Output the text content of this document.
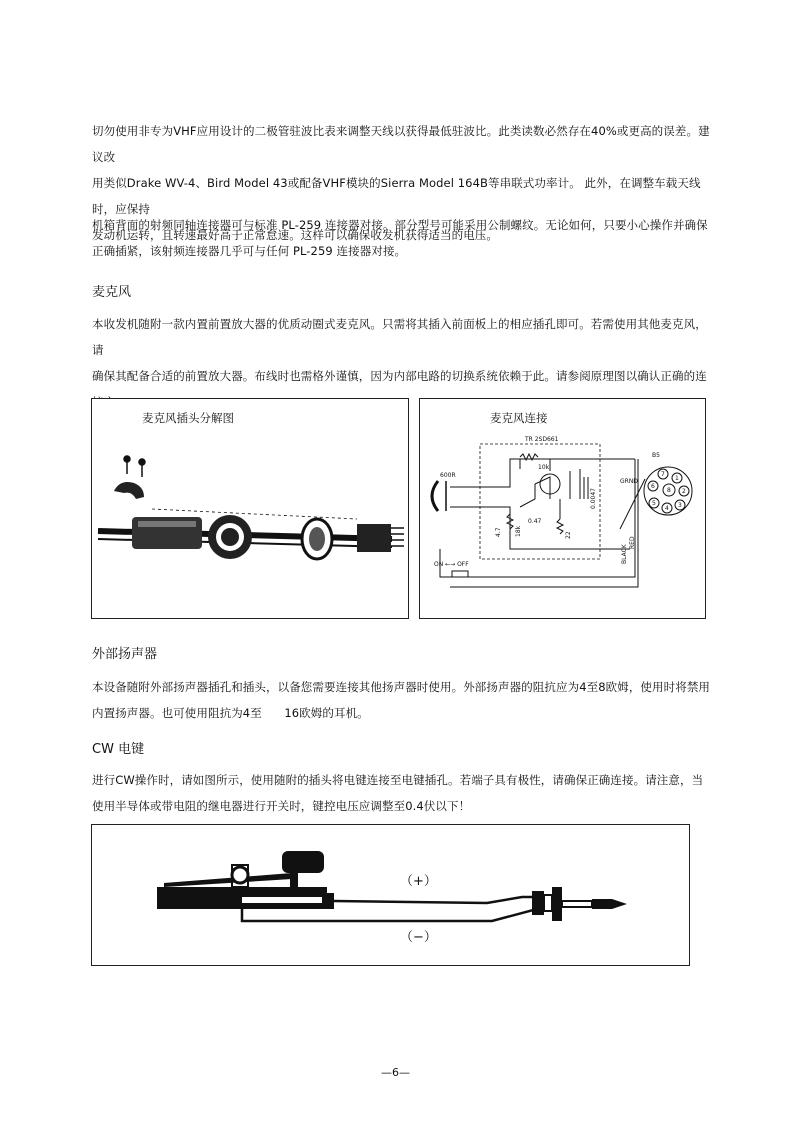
切勿使用非专为VHF应用设计的二极管驻波比表来调整天线以获得最低驻波比。此类读数必然存在40%或更高的误差。建议改
用类似Drake WV-4、Bird Model 43或配备VHF模块的Sierra Model 164B等串联式功率计。 此外，在调整车载天线时，应保持
发动机运转，且转速最好高于正常怠速。这样可以确保收发机获得适当的电压。
机箱背面的射频同轴连接器可与标准 PL-259 连接器对接。部分型号可能采用公制螺纹。无论如何，只要小心操作并确保
正确插紧，该射频连接器几乎可与任何 PL-259 连接器对接。
麦克风
本收发机随附一款内置前置放大器的优质动圈式麦克风。只需将其插入前面板上的相应插孔即可。若需使用其他麦克风，请
确保其配备合适的前置放大器。布线时也需格外谨慎，因为内部电路的切换系统依赖于此。请参阅原理图以确认正确的连
麦克风插头分解图	麦克风连接
TR 2SD661
600R
10k
0.0047
18k
4.7
0.47
22
B5
GRND
7
1
6
8 2
5
4 3
BLACK
RED
ON ←→ OFF
外部扬声器
本设备随附外部扬声器插孔和插头，以备您需要连接其他扬声器时使用。外部扬声器的阻抗应为4至8欧姆，使用时将禁用
内置扬声器。也可使用阻抗为4至      16欧姆的耳机。
CW 电键
进行CW操作时，请如图所示，使用随附的插头将电键连接至电键插孔。若端子具有极性，请确保正确连接。请注意，当
使用半导体或带电阻的继电器进行开关时，键控电压应调整至0.4伏以下！
（+）
（−）
—6—
